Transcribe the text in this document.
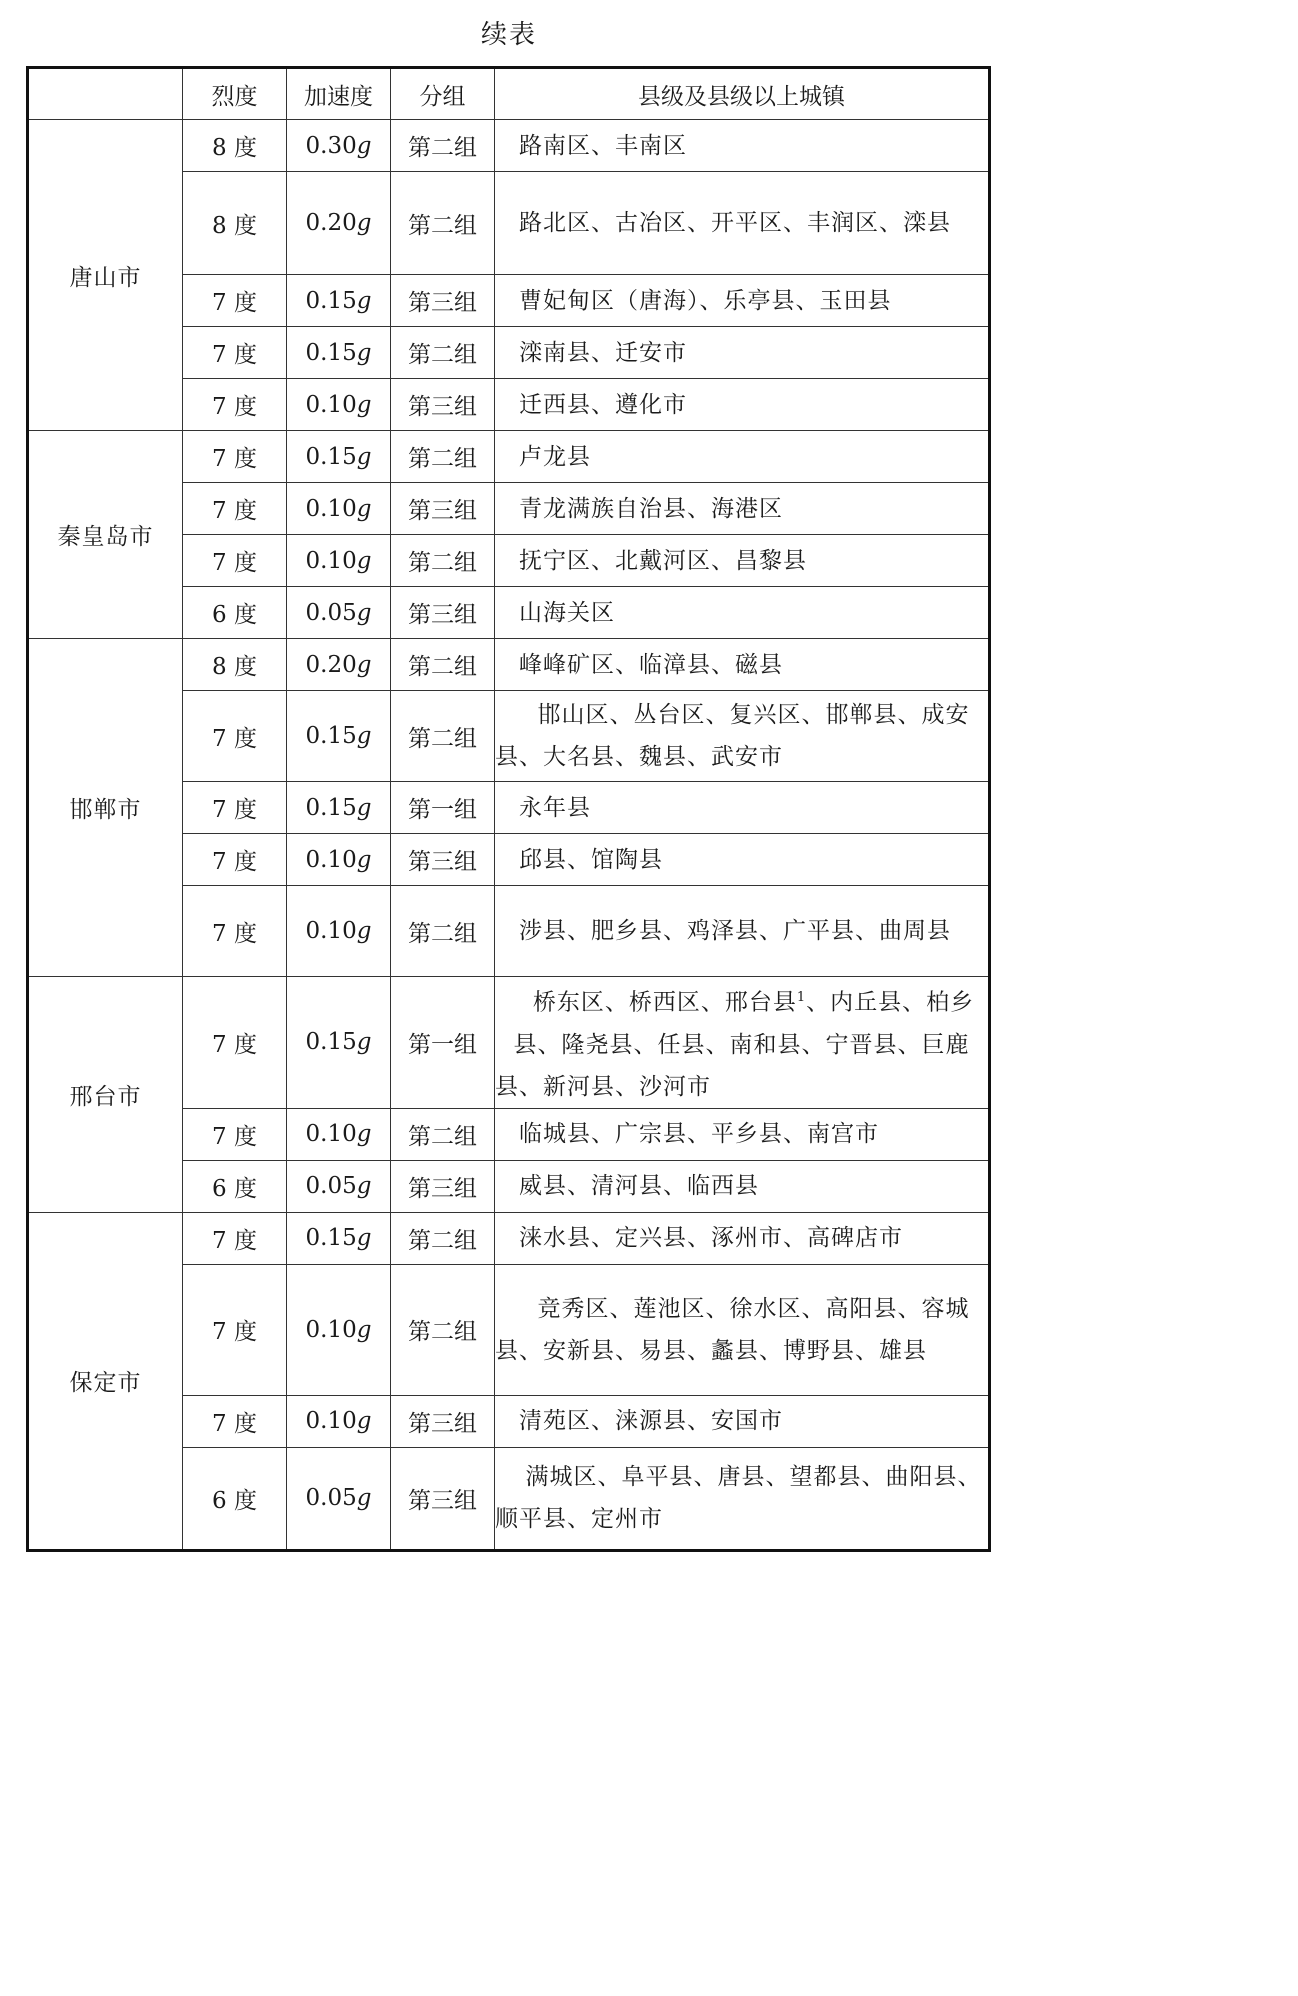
续表
	烈度	加速度	分组	县级及县级以上城镇
唐山市	8 度	0.30g	第二组	　路南区、丰南区
	8 度	0.20g	第二组	　路北区、古冶区、开平区、丰润区、滦县
	7 度	0.15g	第三组	　曹妃甸区（唐海）、乐亭县、玉田县
	7 度	0.15g	第二组	　滦南县、迁安市
	7 度	0.10g	第三组	　迁西县、遵化市
秦皇岛市	7 度	0.15g	第二组	　卢龙县
	7 度	0.10g	第三组	　青龙满族自治县、海港区
	7 度	0.10g	第二组	　抚宁区、北戴河区、昌黎县
	6 度	0.05g	第三组	　山海关区
邯郸市	8 度	0.20g	第二组	　峰峰矿区、临漳县、磁县
	7 度	0.15g	第二组	　邯山区、丛台区、复兴区、邯郸县、成安县、大名县、魏县、武安市
	7 度	0.15g	第一组	　永年县
	7 度	0.10g	第三组	　邱县、馆陶县
	7 度	0.10g	第二组	　涉县、肥乡县、鸡泽县、广平县、曲周县
邢台市	7 度	0.15g	第一组	　桥东区、桥西区、邢台县$^1$、内丘县、柏乡县、隆尧县、任县、南和县、宁晋县、巨鹿县、新河县、沙河市
	7 度	0.10g	第二组	　临城县、广宗县、平乡县、南宫市
	6 度	0.05g	第三组	　威县、清河县、临西县
保定市	7 度	0.15g	第二组	　涞水县、定兴县、涿州市、高碑店市
	7 度	0.10g	第二组	　竞秀区、莲池区、徐水区、高阳县、容城县、安新县、易县、蠡县、博野县、雄县
	7 度	0.10g	第三组	　清苑区、涞源县、安国市
	6 度	0.05g	第三组	　满城区、阜平县、唐县、望都县、曲阳县、顺平县、定州市
